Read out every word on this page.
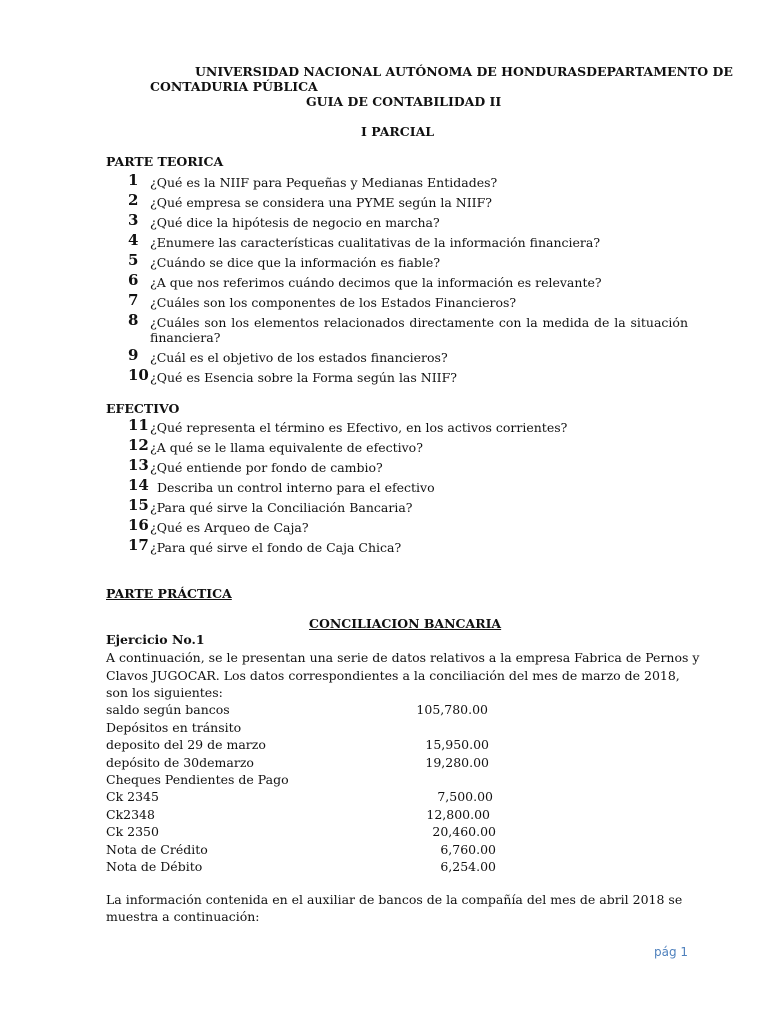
UNIVERSIDAD NACIONAL AUTÓNOMA DE HONDURASDEPARTAMENTO DE
CONTADURIA PÚBLICA
GUIA DE CONTABILIDAD II
I PARCIAL
PARTE TEORICA
1 ¿Qué es la NIIF para Pequeñas y Medianas Entidades?
2 ¿Qué empresa se considera una PYME según la NIIF?
3 ¿Qué dice la hipótesis de negocio en marcha?
4 ¿Enumere las características cualitativas de la información financiera?
5 ¿Cuándo se dice que la información es fiable?
6 ¿A que nos referimos cuándo decimos que la información es relevante?
7 ¿Cuáles son los componentes de los Estados Financieros?
8 ¿Cuáles son los elementos relacionados directamente con la medida de la situación financiera?
9 ¿Cuál es el objetivo de los estados financieros?
10 ¿Qué es Esencia sobre la Forma según las NIIF?
EFECTIVO
11 ¿Qué representa el término es Efectivo, en los activos corrientes?
12 ¿A qué se le llama equivalente de efectivo?
13 ¿Qué entiende por fondo de cambio?
14 Describa un control interno para el efectivo
15 ¿Para qué sirve la Conciliación Bancaria?
16 ¿Qué es Arqueo de Caja?
17 ¿Para qué sirve el fondo de Caja Chica?
PARTE PRÁCTICA
CONCILIACION BANCARIA
Ejercicio No.1
A continuación, se le presentan una serie de datos relativos a la empresa Fabrica de Pernos y
Clavos JUGOCAR. Los datos correspondientes a la conciliación del mes de marzo de 2018,
son los siguientes:
saldo según bancos	105,780.00
Depósitos en tránsito
deposito del 29 de marzo	15,950.00
depósito de 30demarzo	19,280.00
Cheques Pendientes de Pago
Ck 2345	7,500.00
Ck2348	12,800.00
Ck 2350	20,460.00
Nota de Crédito	6,760.00
Nota de Débito	6,254.00
La información contenida en el auxiliar de bancos de la compañía del mes de abril 2018 se
muestra a continuación:
pág 1
